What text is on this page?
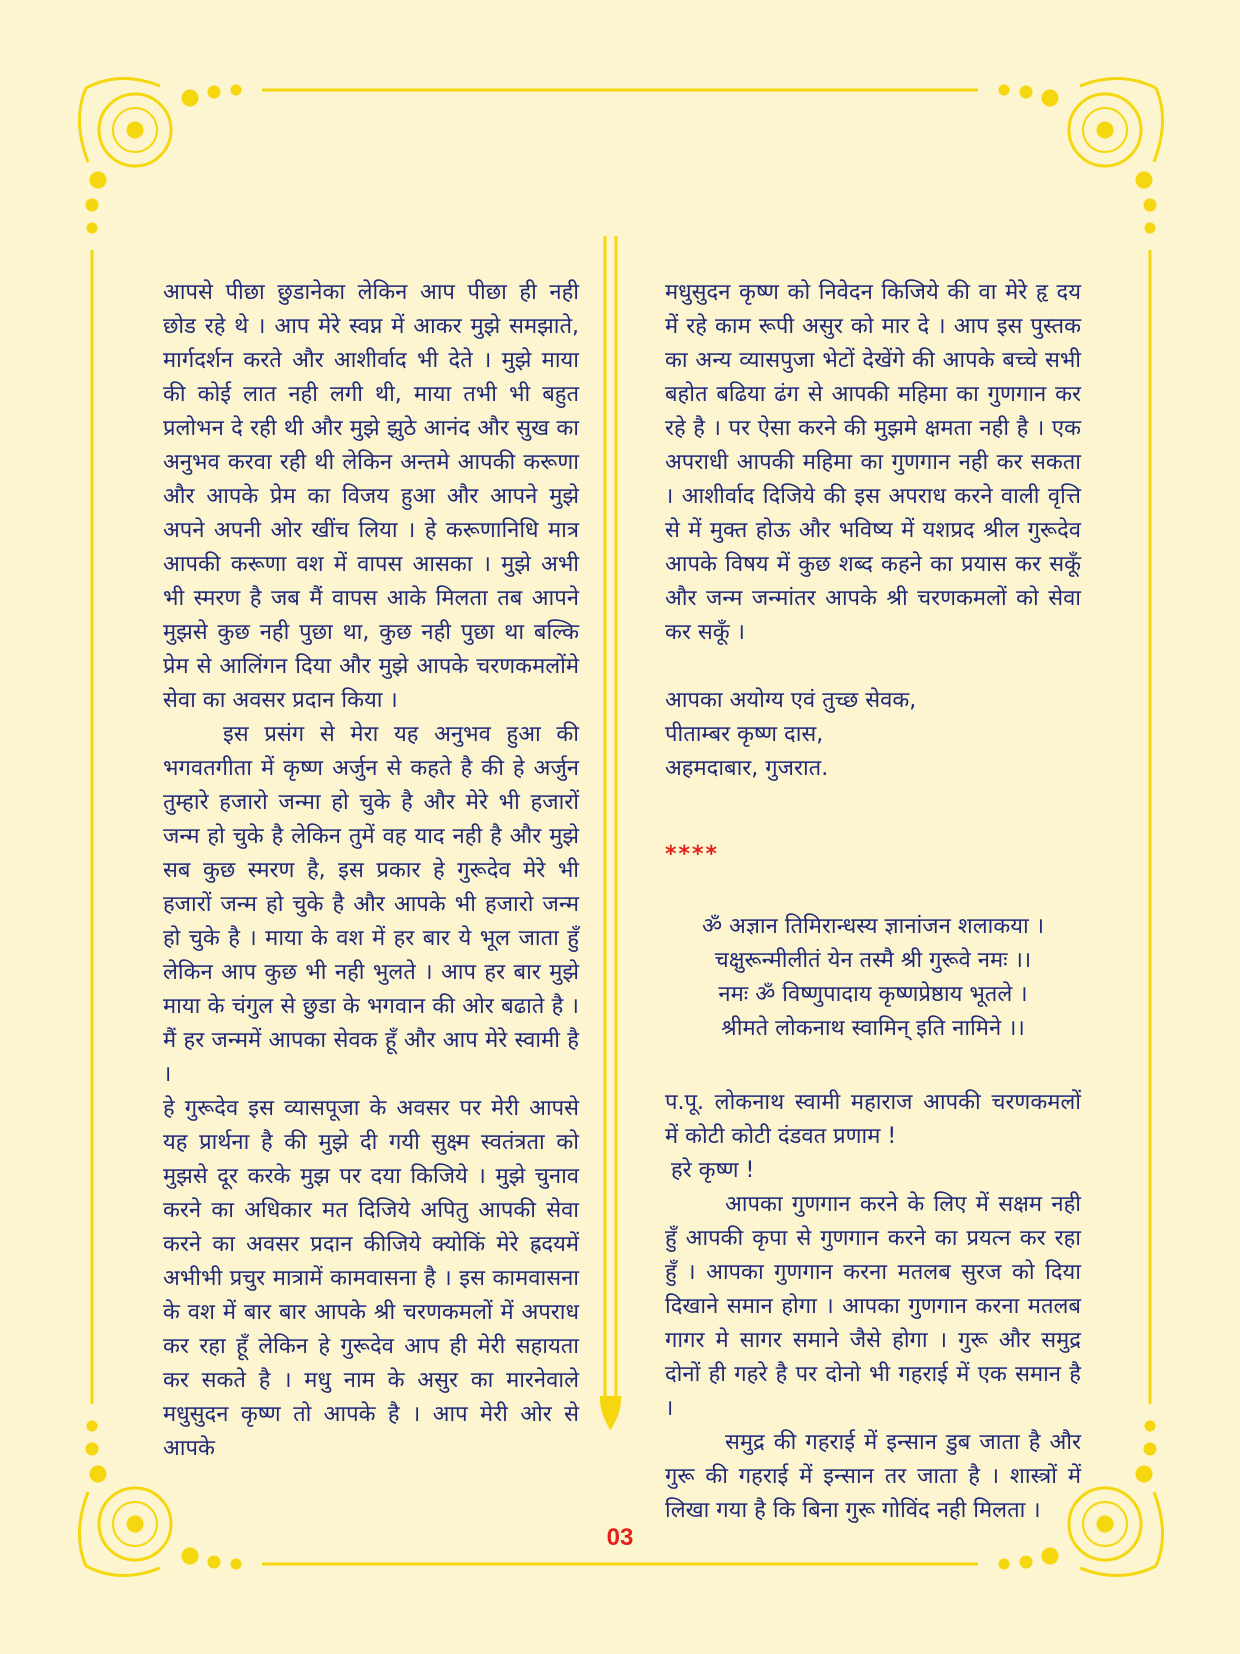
आपसे पीछा छुडानेका लेकिन आप पीछा ही नही छोड रहे थे । आप मेरे स्वप्न में आकर मुझे समझाते, मार्गदर्शन करते और आशीर्वाद भी देते । मुझे माया की कोई लात नही लगी थी, माया तभी भी बहुत प्रलोभन दे रही थी और मुझे झुठे आनंद और सुख का अनुभव करवा रही थी लेकिन अन्तमे आपकी करूणा और आपके प्रेम का विजय हुआ और आपने मुझे अपने अपनी ओर खींच लिया । हे करूणानिधि मात्र आपकी करूणा वश में वापस आसका । मुझे अभी भी स्मरण है जब मैं वापस आके मिलता तब आपने मुझसे कुछ नही पुछा था, कुछ नही पुछा था बल्कि प्रेम से आलिंगन दिया और मुझे आपके चरणकमलोंमे सेवा का अवसर प्रदान किया ।

इस प्रसंग से मेरा यह अनुभव हुआ की भगवतगीता में कृष्ण अर्जुन से कहते है की हे अर्जुन तुम्हारे हजारो जन्मा हो चुके है और मेरे भी हजारों जन्म हो चुके है लेकिन तुमें वह याद नही है और मुझे सब कुछ स्मरण है, इस प्रकार हे गुरूदेव मेरे भी हजारों जन्म हो चुके है और आपके भी हजारो जन्म हो चुके है । माया के वश में हर बार ये भूल जाता हुँ लेकिन आप कुछ भी नही भुलते । आप हर बार मुझे माया के चंगुल से छुडा के भगवान की ओर बढाते है । मैं हर जन्ममें आपका सेवक हूँ और आप मेरे स्वामी है ।

हे गुरूदेव इस व्यासपूजा के अवसर पर मेरी आपसे यह प्रार्थना है की मुझे दी गयी सुक्ष्म स्वतंत्रता को मुझसे दूर करके मुझ पर दया किजिये । मुझे चुनाव करने का अधिकार मत दिजिये अपितु आपकी सेवा करने का अवसर प्रदान कीजिये क्योकिं मेरे ह्रदयमें अभीभी प्रचुर मात्रामें कामवासना है । इस कामवासना के वश में बार बार आपके श्री चरणकमलों में अपराध कर रहा हूँ लेकिन हे गुरूदेव आप ही मेरी सहायता कर सकते है । मधु नाम के असुर का मारनेवाले मधुसुदन कृष्ण तो आपके है । आप मेरी ओर से आपके

मधुसुदन कृष्ण को निवेदन किजिये की वा मेरे हृ दय में रहे काम रूपी असुर को मार दे । आप इस पुस्तक का अन्य व्यासपुजा भेटों देखेंगे की आपके बच्चे सभी बहोत बढिया ढंग से आपकी महिमा का गुणगान कर रहे है । पर ऐसा करने की मुझमे क्षमता नही है । एक अपराधी आपकी महिमा का गुणगान नही कर सकता । आशीर्वाद दिजिये की इस अपराध करने वाली वृत्ति से में मुक्त होऊ और भविष्य में यशप्रद श्रील गुरूदेव आपके विषय में कुछ शब्द कहने का प्रयास कर सकूँ और जन्म जन्मांतर आपके श्री चरणकमलों को सेवा कर सकूँ ।

आपका अयोग्य एवं तुच्छ सेवक,

पीताम्बर कृष्ण दास,

अहमदाबार, गुजरात.

****

ॐ अज्ञान तिमिरान्धस्य ज्ञानांजन शलाकया ।

चक्षुरून्मीलीतं येन तस्मै श्री गुरूवे नमः ।।

नमः ॐ विष्णुपादाय कृष्णप्रेष्ठाय भूतले ।

श्रीमते लोकनाथ स्वामिन् इति नामिने ।।

प.पू. लोकनाथ स्वामी महाराज आपकी चरणकमलों में कोटी कोटी दंडवत प्रणाम !

हरे कृष्ण !

आपका गुणगान करने के लिए में सक्षम नही हुँ आपकी कृपा से गुणगान करने का प्रयत्न कर रहा हुँ । आपका गुणगान करना मतलब सुरज को दिया दिखाने समान होगा । आपका गुणगान करना मतलब गागर मे सागर समाने जैसे होगा । गुरू और समुद्र दोनों ही गहरे है पर दोनो भी गहराई में एक समान है ।

समुद्र की गहराई में इन्सान डुब जाता है और गुरू की गहराई में इन्सान तर जाता है । शास्त्रों में लिखा गया है कि बिना गुरू गोविंद नही मिलता ।

03
